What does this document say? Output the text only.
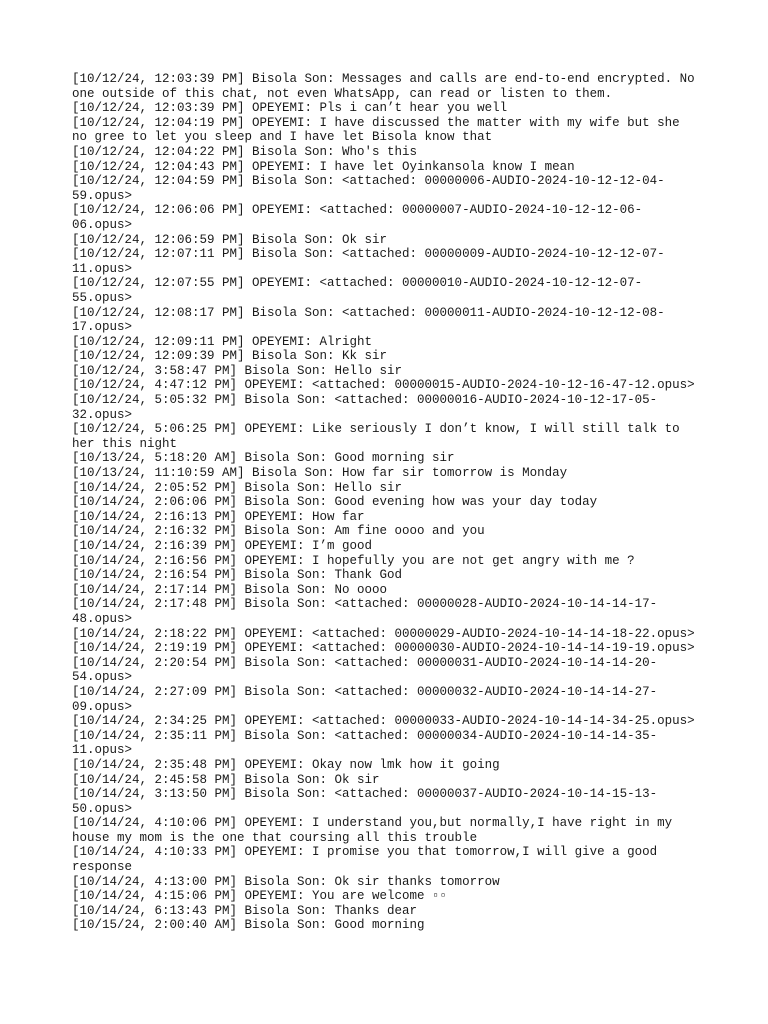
[10/12/24, 12:03:39 PM] Bisola Son: Messages and calls are end-to-end encrypted. No
one outside of this chat, not even WhatsApp, can read or listen to them.
[10/12/24, 12:03:39 PM] OPEYEMI: Pls i can’t hear you well
[10/12/24, 12:04:19 PM] OPEYEMI: I have discussed the matter with my wife but she
no gree to let you sleep and I have let Bisola know that
[10/12/24, 12:04:22 PM] Bisola Son: Who's this
[10/12/24, 12:04:43 PM] OPEYEMI: I have let Oyinkansola know I mean
[10/12/24, 12:04:59 PM] Bisola Son: <attached: 00000006-AUDIO-2024-10-12-12-04-
59.opus>
[10/12/24, 12:06:06 PM] OPEYEMI: <attached: 00000007-AUDIO-2024-10-12-12-06-
06.opus>
[10/12/24, 12:06:59 PM] Bisola Son: Ok sir
[10/12/24, 12:07:11 PM] Bisola Son: <attached: 00000009-AUDIO-2024-10-12-12-07-
11.opus>
[10/12/24, 12:07:55 PM] OPEYEMI: <attached: 00000010-AUDIO-2024-10-12-12-07-
55.opus>
[10/12/24, 12:08:17 PM] Bisola Son: <attached: 00000011-AUDIO-2024-10-12-12-08-
17.opus>
[10/12/24, 12:09:11 PM] OPEYEMI: Alright
[10/12/24, 12:09:39 PM] Bisola Son: Kk sir
[10/12/24, 3:58:47 PM] Bisola Son: Hello sir
[10/12/24, 4:47:12 PM] OPEYEMI: <attached: 00000015-AUDIO-2024-10-12-16-47-12.opus>
[10/12/24, 5:05:32 PM] Bisola Son: <attached: 00000016-AUDIO-2024-10-12-17-05-
32.opus>
[10/12/24, 5:06:25 PM] OPEYEMI: Like seriously I don’t know, I will still talk to
her this night
[10/13/24, 5:18:20 AM] Bisola Son: Good morning sir
[10/13/24, 11:10:59 AM] Bisola Son: How far sir tomorrow is Monday
[10/14/24, 2:05:52 PM] Bisola Son: Hello sir
[10/14/24, 2:06:06 PM] Bisola Son: Good evening how was your day today
[10/14/24, 2:16:13 PM] OPEYEMI: How far
[10/14/24, 2:16:32 PM] Bisola Son: Am fine oooo and you
[10/14/24, 2:16:39 PM] OPEYEMI: I’m good
[10/14/24, 2:16:56 PM] OPEYEMI: I hopefully you are not get angry with me ?
[10/14/24, 2:16:54 PM] Bisola Son: Thank God
[10/14/24, 2:17:14 PM] Bisola Son: No oooo
[10/14/24, 2:17:48 PM] Bisola Son: <attached: 00000028-AUDIO-2024-10-14-14-17-
48.opus>
[10/14/24, 2:18:22 PM] OPEYEMI: <attached: 00000029-AUDIO-2024-10-14-14-18-22.opus>
[10/14/24, 2:19:19 PM] OPEYEMI: <attached: 00000030-AUDIO-2024-10-14-14-19-19.opus>
[10/14/24, 2:20:54 PM] Bisola Son: <attached: 00000031-AUDIO-2024-10-14-14-20-
54.opus>
[10/14/24, 2:27:09 PM] Bisola Son: <attached: 00000032-AUDIO-2024-10-14-14-27-
09.opus>
[10/14/24, 2:34:25 PM] OPEYEMI: <attached: 00000033-AUDIO-2024-10-14-14-34-25.opus>
[10/14/24, 2:35:11 PM] Bisola Son: <attached: 00000034-AUDIO-2024-10-14-14-35-
11.opus>
[10/14/24, 2:35:48 PM] OPEYEMI: Okay now lmk how it going
[10/14/24, 2:45:58 PM] Bisola Son: Ok sir
[10/14/24, 3:13:50 PM] Bisola Son: <attached: 00000037-AUDIO-2024-10-14-15-13-
50.opus>
[10/14/24, 4:10:06 PM] OPEYEMI: I understand you,but normally,I have right in my
house my mom is the one that coursing all this trouble
[10/14/24, 4:10:33 PM] OPEYEMI: I promise you that tomorrow,I will give a good
response
[10/14/24, 4:13:00 PM] Bisola Son: Ok sir thanks tomorrow
[10/14/24, 4:15:06 PM] OPEYEMI: You are welcome ▫▫
[10/14/24, 6:13:43 PM] Bisola Son: Thanks dear
[10/15/24, 2:00:40 AM] Bisola Son: Good morning
